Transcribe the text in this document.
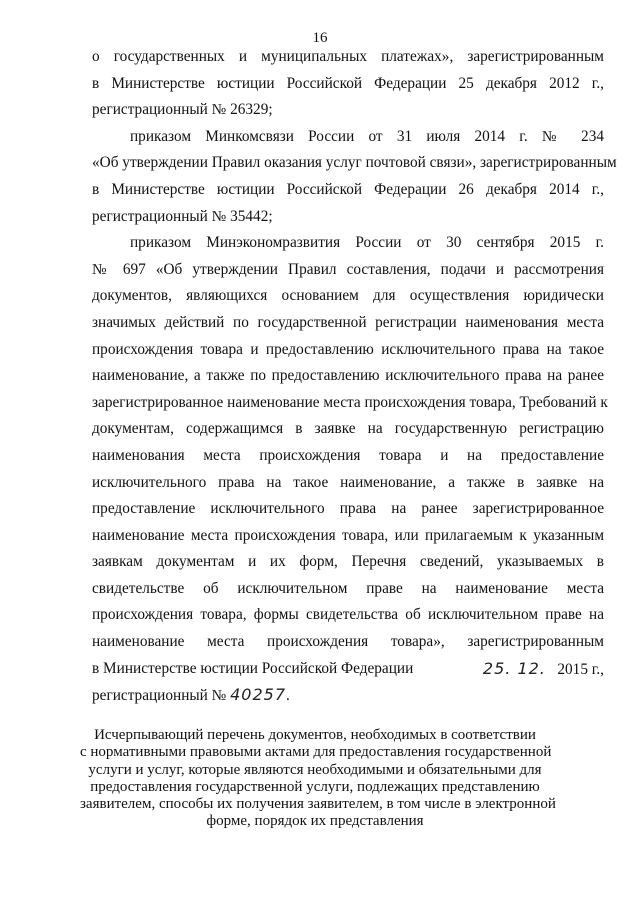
16
о государственных и муниципальных платежах», зарегистрированным
в Министерстве юстиции Российской Федерации 25 декабря 2012 г.,
регистрационный № 26329;
приказом Минкомсвязи России от 31 июля 2014 г. № 234
«Об утверждении Правил оказания услуг почтовой связи», зарегистрированным
в Министерстве юстиции Российской Федерации 26 декабря 2014 г.,
регистрационный № 35442;
приказом Минэкономразвития России от 30 сентября 2015 г.
№ 697 «Об утверждении Правил составления, подачи и рассмотрения
документов, являющихся основанием для осуществления юридически
значимых действий по государственной регистрации наименования места
происхождения товара и предоставлению исключительного права на такое
наименование, а также по предоставлению исключительного права на ранее
зарегистрированное наименование места происхождения товара, Требований к
документам, содержащимся в заявке на государственную регистрацию
наименования места происхождения товара и на предоставление
исключительного права на такое наименование, а также в заявке на
предоставление исключительного права на ранее зарегистрированное
наименование места происхождения товара, или прилагаемым к указанным
заявкам документам и их форм, Перечня сведений, указываемых в
свидетельстве об исключительном праве на наименование места
происхождения товара, формы свидетельства об исключительном праве на
наименование места происхождения товара», зарегистрированным
в Министерстве юстиции Российской Федерации	25. 12. 2015 г.,
регистрационный № 40257.
Исчерпывающий перечень документов, необходимых в соответствии
с нормативными правовыми актами для предоставления государственной
услуги и услуг, которые являются необходимыми и обязательными для
предоставления государственной услуги, подлежащих представлению
заявителем, способы их получения заявителем, в том числе в электронной
форме, порядок их представления
